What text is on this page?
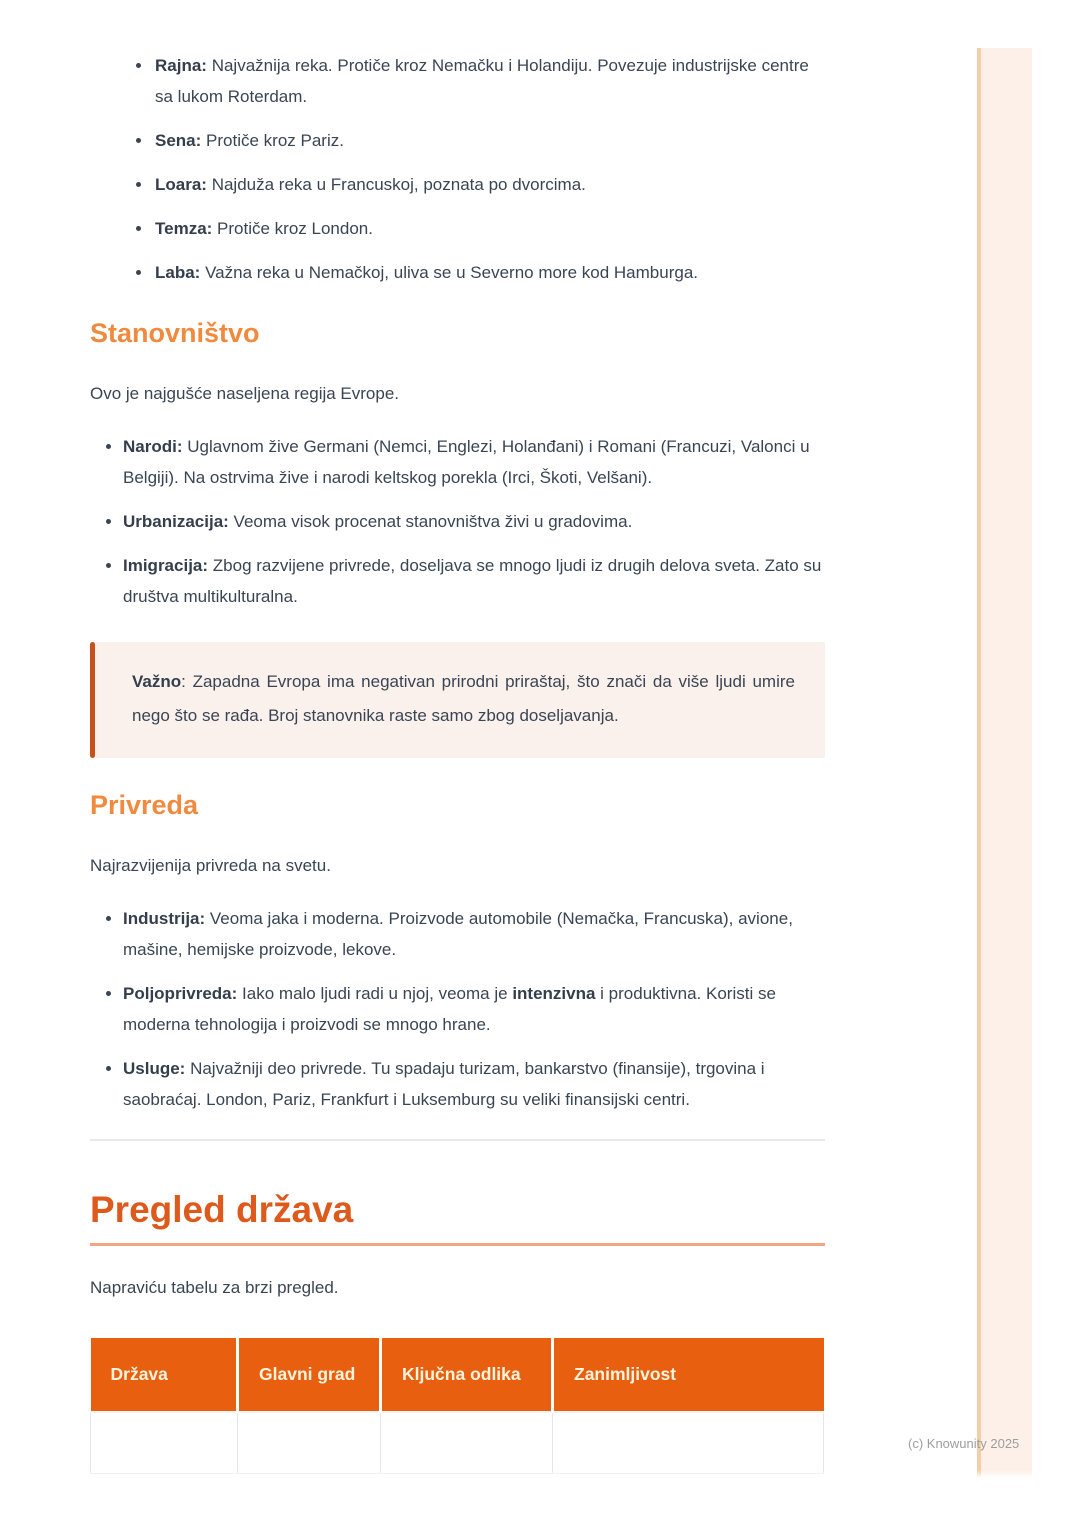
Rajna: Najvažnija reka. Protiče kroz Nemačku i Holandiju. Povezuje industrijske centre sa lukom Roterdam.
Sena: Protiče kroz Pariz.
Loara: Najduža reka u Francuskoj, poznata po dvorcima.
Temza: Protiče kroz London.
Laba: Važna reka u Nemačkoj, uliva se u Severno more kod Hamburga.
Stanovništvo

Ovo je najgušće naseljena regija Evrope.

Narodi: Uglavnom žive Germani (Nemci, Englezi, Holanđani) i Romani (Francuzi, Valonci u Belgiji). Na ostrvima žive i narodi keltskog porekla (Irci, Škoti, Velšani).
Urbanizacija: Veoma visok procenat stanovništva živi u gradovima.
Imigracija: Zbog razvijene privrede, doseljava se mnogo ljudi iz drugih delova sveta. Zato su društva multikulturalna.

Važno: Zapadna Evropa ima negativan prirodni priraštaj, što znači da više ljudi umire nego što se rađa. Broj stanovnika raste samo zbog doseljavanja.

Privreda

Najrazvijenija privreda na svetu.

Industrija: Veoma jaka i moderna. Proizvode automobile (Nemačka, Francuska), avione, mašine, hemijske proizvode, lekove.
Poljoprivreda: Iako malo ljudi radi u njoj, veoma je intenzivna i produktivna. Koristi se moderna tehnologija i proizvodi se mnogo hrane.
Usluge: Najvažniji deo privrede. Tu spadaju turizam, bankarstvo (finansije), trgovina i saobraćaj. London, Pariz, Frankfurt i Luksemburg su veliki finansijski centri.
Pregled država

Napraviću tabelu za brzi pregled.

Država	Glavni grad	Ključna odlika	Zanimljivost

(c) Knowunity 2025
